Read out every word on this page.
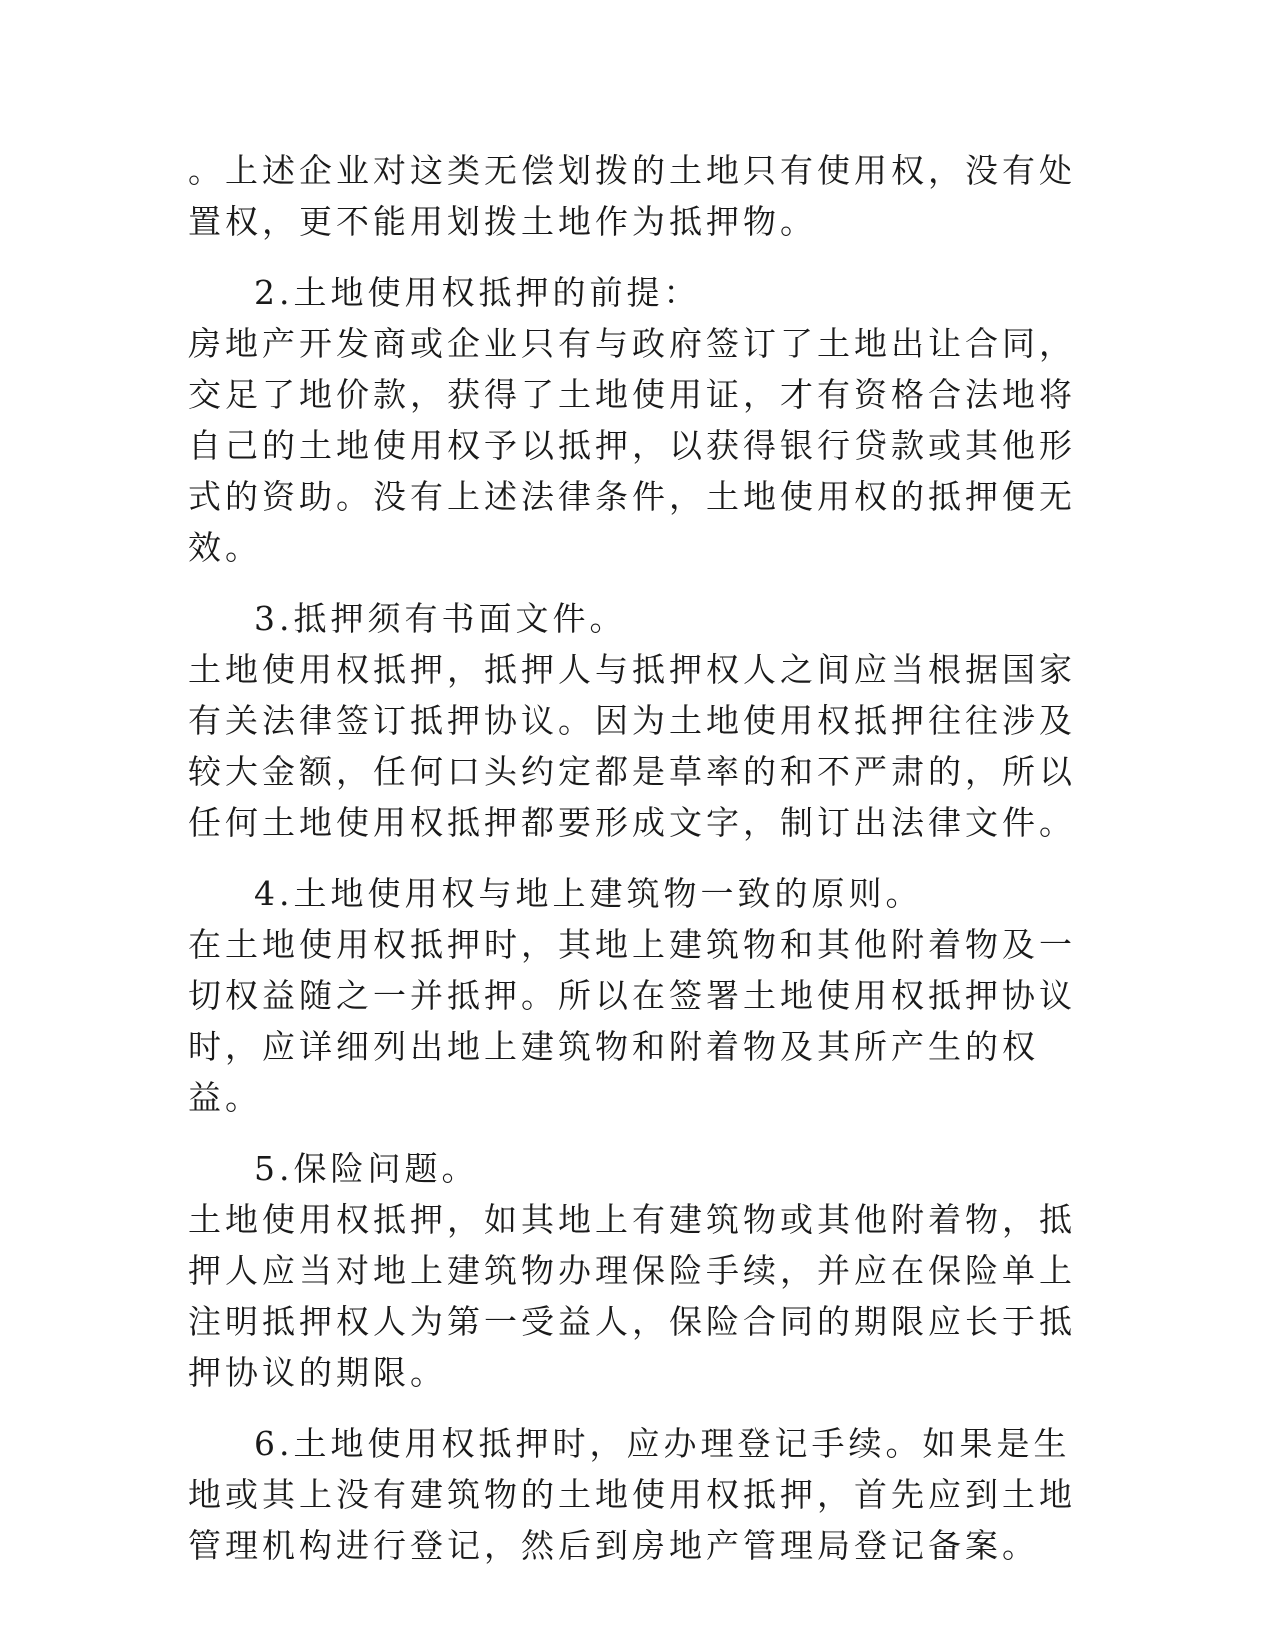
。上述企业对这类无偿划拨的土地只有使用权，没有处置权，更不能用划拨土地作为抵押物。

2.土地使用权抵押的前提：

房地产开发商或企业只有与政府签订了土地出让合同，交足了地价款，获得了土地使用证，才有资格合法地将自己的土地使用权予以抵押，以获得银行贷款或其他形式的资助。没有上述法律条件，土地使用权的抵押便无效。

3.抵押须有书面文件。

土地使用权抵押，抵押人与抵押权人之间应当根据国家有关法律签订抵押协议。因为土地使用权抵押往往涉及较大金额，任何口头约定都是草率的和不严肃的，所以任何土地使用权抵押都要形成文字，制订出法律文件。

4.土地使用权与地上建筑物一致的原则。

在土地使用权抵押时，其地上建筑物和其他附着物及一切权益随之一并抵押。所以在签署土地使用权抵押协议时，应详细列出地上建筑物和附着物及其所产生的权益。

5.保险问题。

土地使用权抵押，如其地上有建筑物或其他附着物，抵押人应当对地上建筑物办理保险手续，并应在保险单上注明抵押权人为第一受益人，保险合同的期限应长于抵押协议的期限。

6.土地使用权抵押时，应办理登记手续。如果是生地或其上没有建筑物的土地使用权抵押，首先应到土地管理机构进行登记，然后到房地产管理局登记备案。
